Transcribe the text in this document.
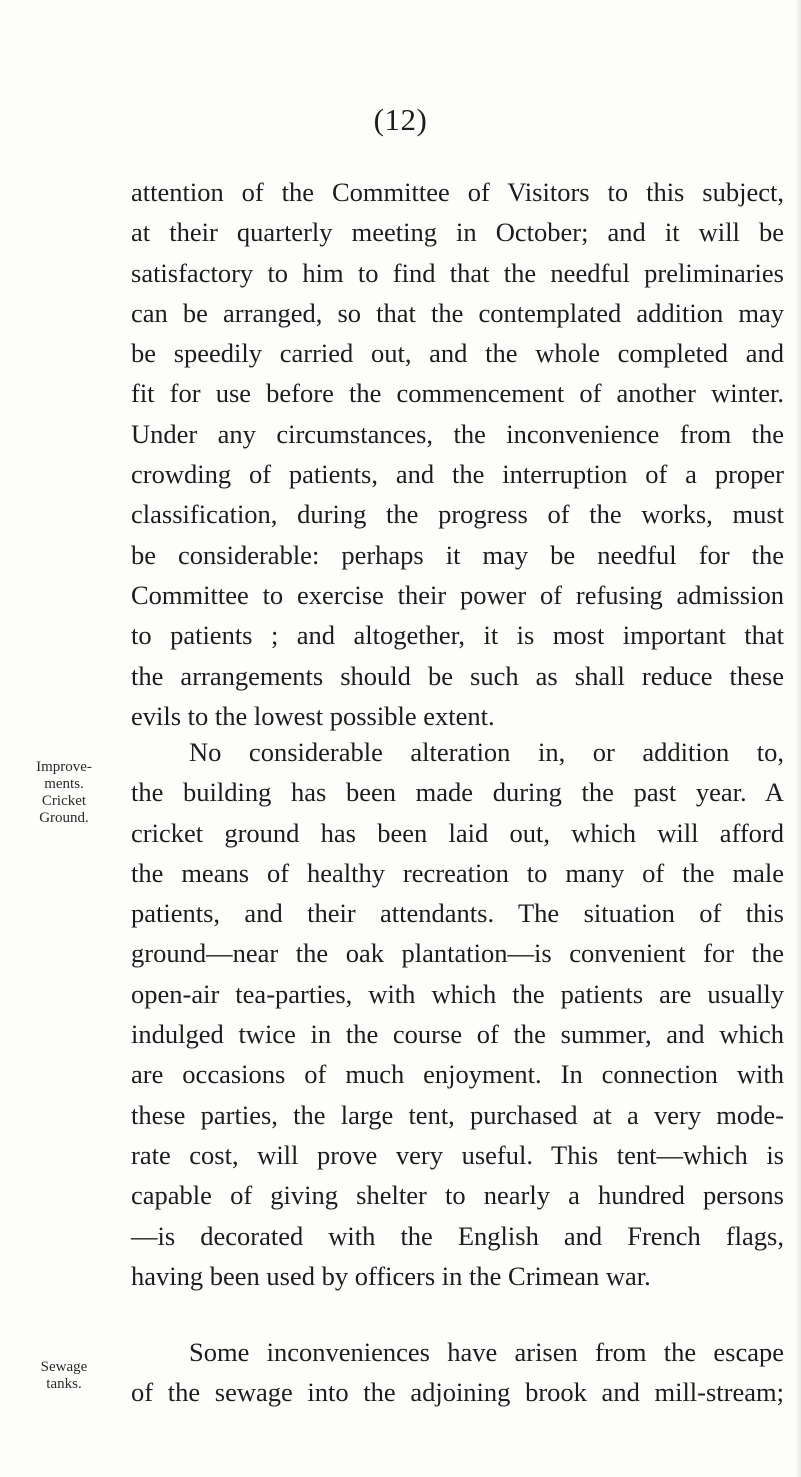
(12)
attention of the Committee of Visitors to this subject,
at their quarterly meeting in October; and it will be
satisfactory to him to find that the needful preliminaries
can be arranged, so that the contemplated addition may
be speedily carried out, and the whole completed and
fit for use before the commencement of another winter.
Under any circumstances, the inconvenience from the
crowding of patients, and the interruption of a proper
classification, during the progress of the works, must
be considerable: perhaps it may be needful for the
Committee to exercise their power of refusing admission
to patients ; and altogether, it is most important that
the arrangements should be such as shall reduce these
evils to the lowest possible extent.
Improve-
ments.
Cricket
Ground.
No considerable alteration in, or addition to,
the building has been made during the past year. A
cricket ground has been laid out, which will afford
the means of healthy recreation to many of the male
patients, and their attendants. The situation of this
ground—near the oak plantation—is convenient for the
open-air tea-parties, with which the patients are usually
indulged twice in the course of the summer, and which
are occasions of much enjoyment. In connection with
these parties, the large tent, purchased at a very mode-
rate cost, will prove very useful. This tent—which is
capable of giving shelter to nearly a hundred persons
—is decorated with the English and French flags,
having been used by officers in the Crimean war.
Sewage
tanks.
Some inconveniences have arisen from the escape
of the sewage into the adjoining brook and mill-stream;
